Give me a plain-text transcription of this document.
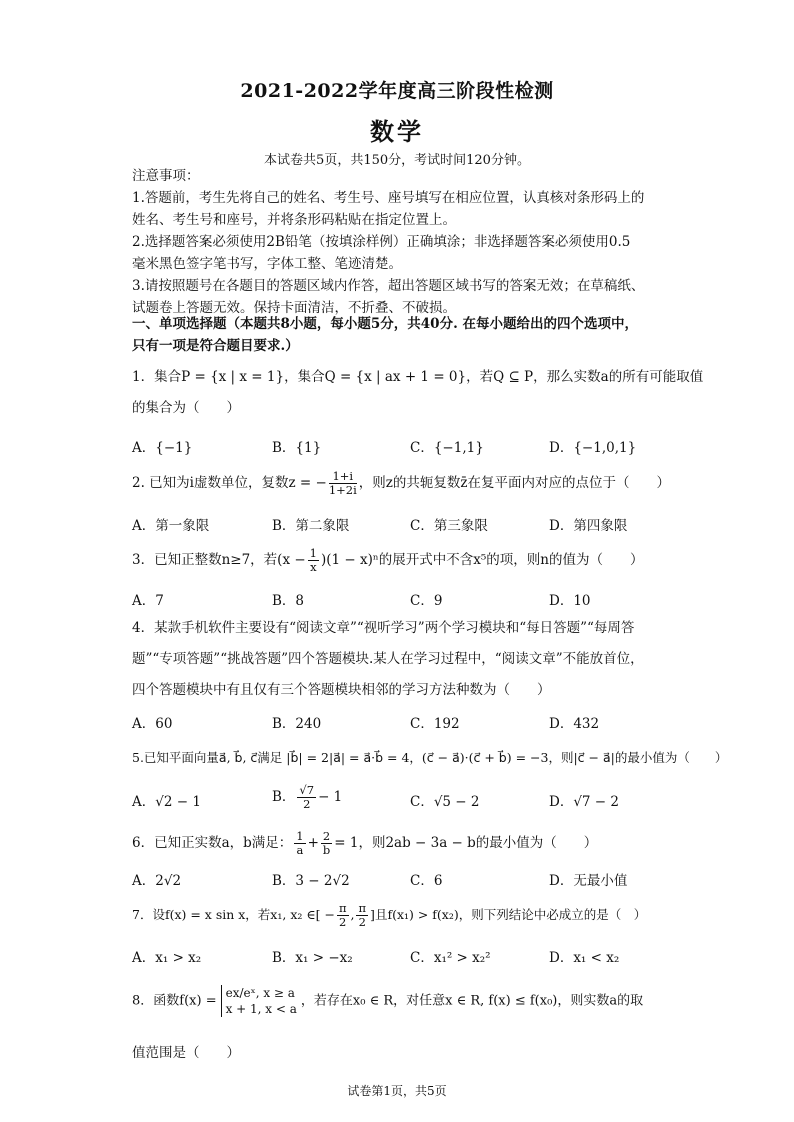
2021-2022学年度高三阶段性检测
数学
本试卷共5页，共150分，考试时间120分钟。
注意事项：
1.答题前，考生先将自己的姓名、考生号、座号填写在相应位置，认真核对条形码上的
姓名、考生号和座号，并将条形码粘贴在指定位置上。
2.选择题答案必须使用2B铅笔（按填涂样例）正确填涂；非选择题答案必须使用0.5
毫米黑色签字笔书写，字体工整、笔迹清楚。
3.请按照题号在各题目的答题区域内作答，超出答题区域书写的答案无效；在草稿纸、
试题卷上答题无效。保持卡面清洁，不折叠、不破损。
一、单项选择题（本题共8小题，每小题5分，共40分. 在每小题给出的四个选项中，
只有一项是符合题目要求.）
1．集合P = {x | x = 1}，集合Q = {x | ax + 1 = 0}，若Q ⊆ P，那么实数a的所有可能取值
的集合为（　　）
A．{−1}	B．{1}	C．{−1,1}	D．{−1,0,1}
2. 已知为i虚数单位，复数z = − $\frac{1+i}{1+2i}$ ，则z的共轭复数z̄在复平面内对应的点位于（　　）
A．第一象限	B．第二象限	C．第三象限	D．第四象限
3．已知正整数n≥7，若$(x - \frac{1}{x} )(1 - x)^n$的展开式中不含x⁵的项，则n的值为（　　）
A．7	B．8	C．9	D．10
4．某款手机软件主要设有“阅读文章”“视听学习”两个学习模块和“每日答题”“每周答
题”“专项答题”“挑战答题”四个答题模块.某人在学习过程中，“阅读文章”不能放首位，
四个答题模块中有且仅有三个答题模块相邻的学习方法种数为（　　）
A．60	B．240	C．192	D．432
5.已知平面向量a⃗, b⃗, c⃗满足 |b⃗| = 2|a⃗| = a⃗·b⃗ = 4，(c⃗ − a⃗)·(c⃗ + b⃗) = −3，则|c⃗ − a⃗|的最小值为（　　）
A．√2 − 1	B． $\frac{√7}{2} - 1$	C．√5 − 2	D．√7 − 2
6．已知正实数a，b满足： $\frac{1}{a} + \frac{2}{b} = 1$，则2ab − 3a − b的最小值为（　　）
A．2√2	B．3 − 2√2	C．6	D．无最小值
7．设f(x) = x sin x，若x₁, x₂ ∈[ − $\frac{\pi}{2}$ , $\frac{\pi}{2}$ ]且f(x₁) > f(x₂)，则下列结论中必成立的是（　）
A．x₁ > x₂	B．x₁ > −x₂	C．x₁² > x₂²	D．x₁ < x₂
8．函数f(x) =
ex/eˣ, x ≥ a
x + 1, x < a
，若存在x₀ ∈ R，对任意x ∈ R, f(x) ≤ f(x₀)，则实数a的取
值范围是（　　）
试卷第1页，共5页
